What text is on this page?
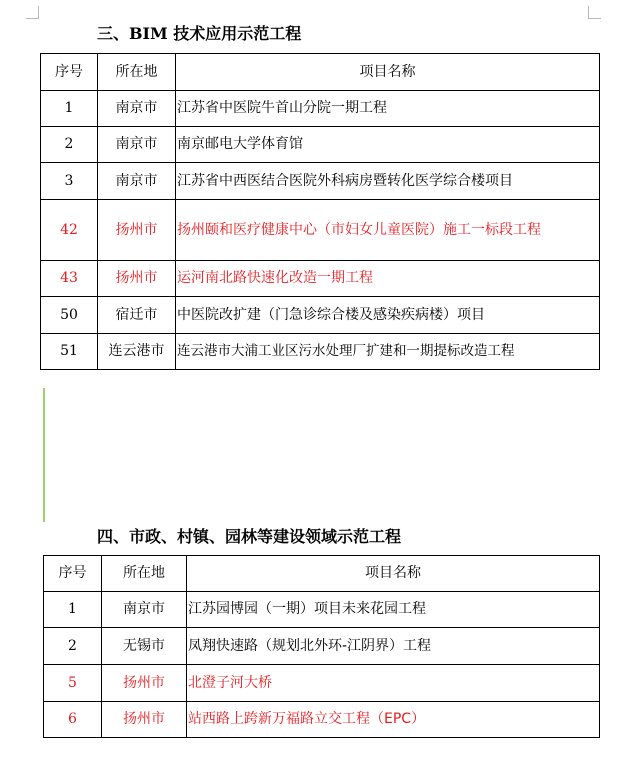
三、BIM 技术应用示范工程
序号	所在地	项目名称
1	南京市	江苏省中医院牛首山分院一期工程
2	南京市	南京邮电大学体育馆
3	南京市	江苏省中西医结合医院外科病房暨转化医学综合楼项目
42	扬州市	扬州颐和医疗健康中心（市妇女儿童医院）施工一标段工程
43	扬州市	运河南北路快速化改造一期工程
50	宿迁市	中医院改扩建（门急诊综合楼及感染疾病楼）项目
51	连云港市	连云港市大浦工业区污水处理厂扩建和一期提标改造工程
四、市政、村镇、园林等建设领域示范工程
序号	所在地	项目名称
1	南京市	江苏园博园（一期）项目未来花园工程
2	无锡市	凤翔快速路（规划北外环-江阴界）工程
5	扬州市	北澄子河大桥
6	扬州市	站西路上跨新万福路立交工程（EPC）
